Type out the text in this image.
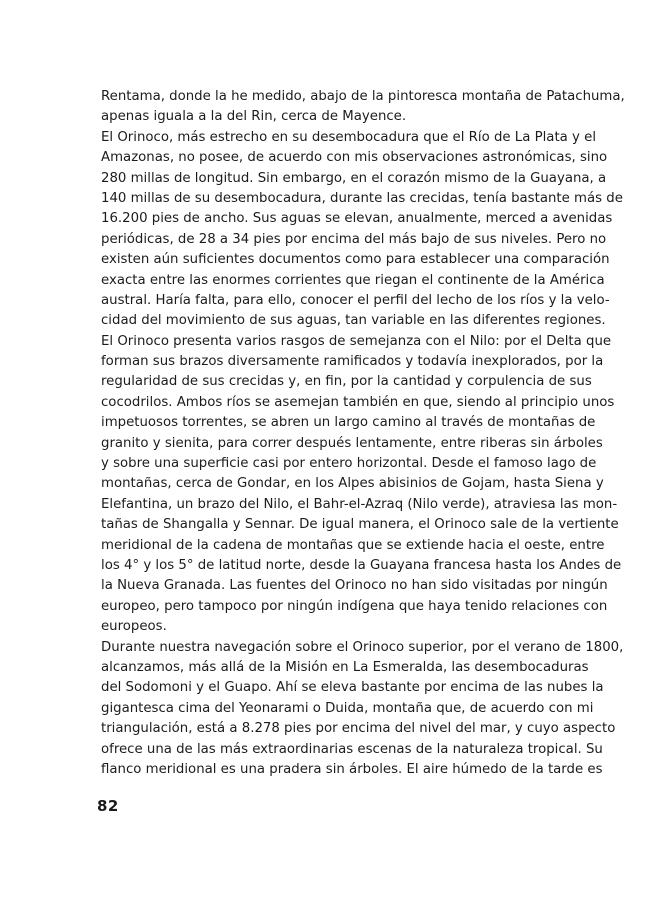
Rentama, donde la he medido, abajo de la pintoresca montaña de Patachuma,
apenas iguala a la del Rin, cerca de Mayence.
El Orinoco, más estrecho en su desembocadura que el Río de La Plata y el
Amazonas, no posee, de acuerdo con mis observaciones astronómicas, sino
280 millas de longitud. Sin embargo, en el corazón mismo de la Guayana, a
140 millas de su desembocadura, durante las crecidas, tenía bastante más de
16.200 pies de ancho. Sus aguas se elevan, anualmente, merced a avenidas
periódicas, de 28 a 34 pies por encima del más bajo de sus niveles. Pero no
existen aún suficientes documentos como para establecer una comparación
exacta entre las enormes corrientes que riegan el continente de la América
austral. Haría falta, para ello, conocer el perfil del lecho de los ríos y la velo-
cidad del movimiento de sus aguas, tan variable en las diferentes regiones.
El Orinoco presenta varios rasgos de semejanza con el Nilo: por el Delta que
forman sus brazos diversamente ramificados y todavía inexplorados, por la
regularidad de sus crecidas y, en fin, por la cantidad y corpulencia de sus
cocodrilos. Ambos ríos se asemejan también en que, siendo al principio unos
impetuosos torrentes, se abren un largo camino al través de montañas de
granito y sienita, para correr después lentamente, entre riberas sin árboles
y sobre una superficie casi por entero horizontal. Desde el famoso lago de
montañas, cerca de Gondar, en los Alpes abisinios de Gojam, hasta Siena y
Elefantina, un brazo del Nilo, el Bahr-el-Azraq (Nilo verde), atraviesa las mon-
tañas de Shangalla y Sennar. De igual manera, el Orinoco sale de la vertiente
meridional de la cadena de montañas que se extiende hacia el oeste, entre
los 4° y los 5° de latitud norte, desde la Guayana francesa hasta los Andes de
la Nueva Granada. Las fuentes del Orinoco no han sido visitadas por ningún
europeo, pero tampoco por ningún indígena que haya tenido relaciones con
europeos.
Durante nuestra navegación sobre el Orinoco superior, por el verano de 1800,
alcanzamos, más allá de la Misión en La Esmeralda, las desembocaduras
del Sodomoni y el Guapo. Ahí se eleva bastante por encima de las nubes la
gigantesca cima del Yeonarami o Duida, montaña que, de acuerdo con mi
triangulación, está a 8.278 pies por encima del nivel del mar, y cuyo aspecto
ofrece una de las más extraordinarias escenas de la naturaleza tropical. Su
flanco meridional es una pradera sin árboles. El aire húmedo de la tarde es
82
